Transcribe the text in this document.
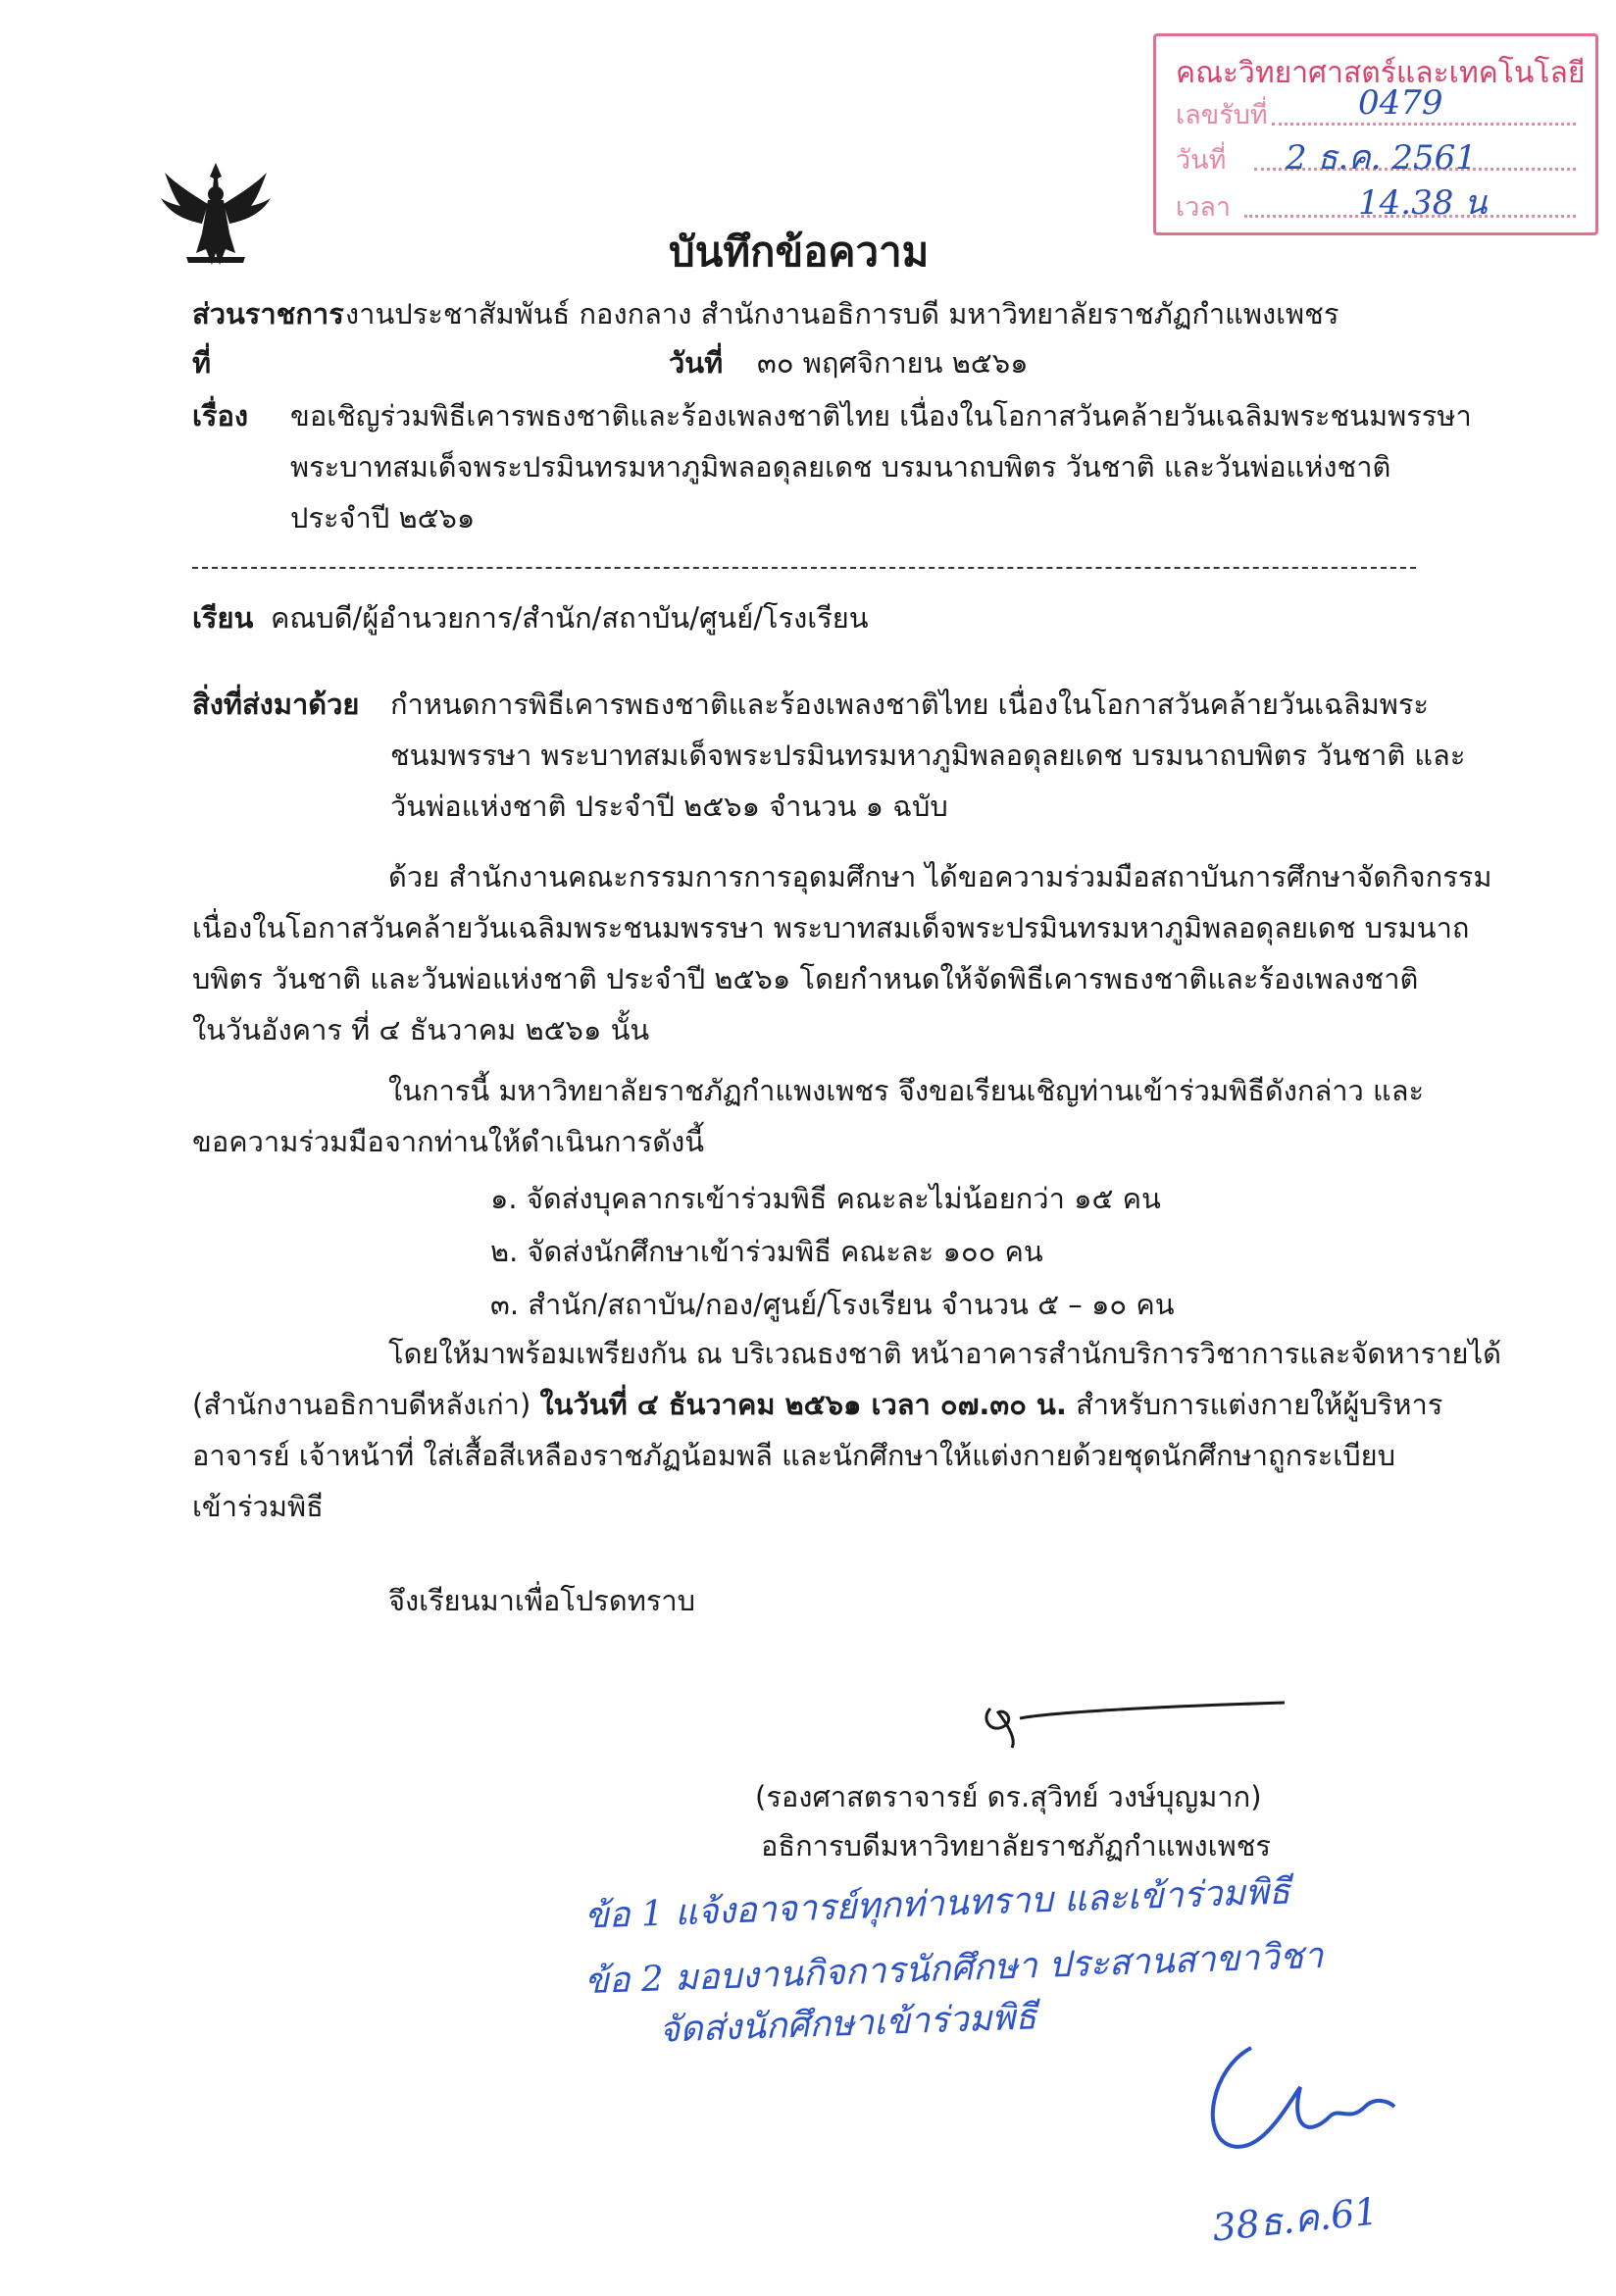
คณะวิทยาศาสตร์และเทคโนโลยี
เลขรับที่	0479
วันที่ 2 ธ.ค. 2561
เวลา	14.38 น
บันทึกข้อความ
ส่วนราชการ งานประชาสัมพันธ์ กองกลาง สำนักงานอธิการบดี มหาวิทยาลัยราชภัฏกำแพงเพชร
ที่	วันที่ ๓๐ พฤศจิกายน ๒๕๖๑
เรื่อง ขอเชิญร่วมพิธีเคารพธงชาติและร้องเพลงชาติไทย เนื่องในโอกาสวันคล้ายวันเฉลิมพระชนมพรรษา
พระบาทสมเด็จพระปรมินทรมหาภูมิพลอดุลยเดช บรมนาถบพิตร วันชาติ และวันพ่อแห่งชาติ
ประจำปี ๒๕๖๑
เรียน คณบดี/ผู้อำนวยการ/สำนัก/สถาบัน/ศูนย์/โรงเรียน
สิ่งที่ส่งมาด้วย กำหนดการพิธีเคารพธงชาติและร้องเพลงชาติไทย เนื่องในโอกาสวันคล้ายวันเฉลิมพระ
ชนมพรรษา พระบาทสมเด็จพระปรมินทรมหาภูมิพลอดุลยเดช บรมนาถบพิตร วันชาติ และ
วันพ่อแห่งชาติ ประจำปี ๒๕๖๑ จำนวน ๑ ฉบับ
ด้วย สำนักงานคณะกรรมการการอุดมศึกษา ได้ขอความร่วมมือสถาบันการศึกษาจัดกิจกรรม
เนื่องในโอกาสวันคล้ายวันเฉลิมพระชนมพรรษา พระบาทสมเด็จพระปรมินทรมหาภูมิพลอดุลยเดช บรมนาถ
บพิตร วันชาติ และวันพ่อแห่งชาติ ประจำปี ๒๕๖๑ โดยกำหนดให้จัดพิธีเคารพธงชาติและร้องเพลงชาติ
ในวันอังคาร ที่ ๔ ธันวาคม ๒๕๖๑ นั้น
ในการนี้ มหาวิทยาลัยราชภัฏกำแพงเพชร จึงขอเรียนเชิญท่านเข้าร่วมพิธีดังกล่าว และ
ขอความร่วมมือจากท่านให้ดำเนินการดังนี้
๑. จัดส่งบุคลากรเข้าร่วมพิธี คณะละไม่น้อยกว่า ๑๕ คน
๒. จัดส่งนักศึกษาเข้าร่วมพิธี คณะละ ๑๐๐ คน
๓. สำนัก/สถาบัน/กอง/ศูนย์/โรงเรียน จำนวน ๕ – ๑๐ คน
โดยให้มาพร้อมเพรียงกัน ณ บริเวณธงชาติ หน้าอาคารสำนักบริการวิชาการและจัดหารายได้
(สำนักงานอธิกาบดีหลังเก่า) ในวันที่ ๔ ธันวาคม ๒๕๖๑ เวลา ๐๗.๓๐ น. สำหรับการแต่งกายให้ผู้บริหาร
อาจารย์ เจ้าหน้าที่ ใส่เสื้อสีเหลืองราชภัฏน้อมพลี และนักศึกษาให้แต่งกายด้วยชุดนักศึกษาถูกระเบียบ
เข้าร่วมพิธี
จึงเรียนมาเพื่อโปรดทราบ
(รองศาสตราจารย์ ดร.สุวิทย์ วงษ์บุญมาก)
อธิการบดีมหาวิทยาลัยราชภัฏกำแพงเพชร
ข้อ 1 แจ้งอาจารย์ทุกท่านทราบ และเข้าร่วมพิธี
ข้อ 2 มอบงานกิจการนักศึกษา ประสานสาขาวิชา
จัดส่งนักศึกษาเข้าร่วมพิธี
38ธ.ค.61
